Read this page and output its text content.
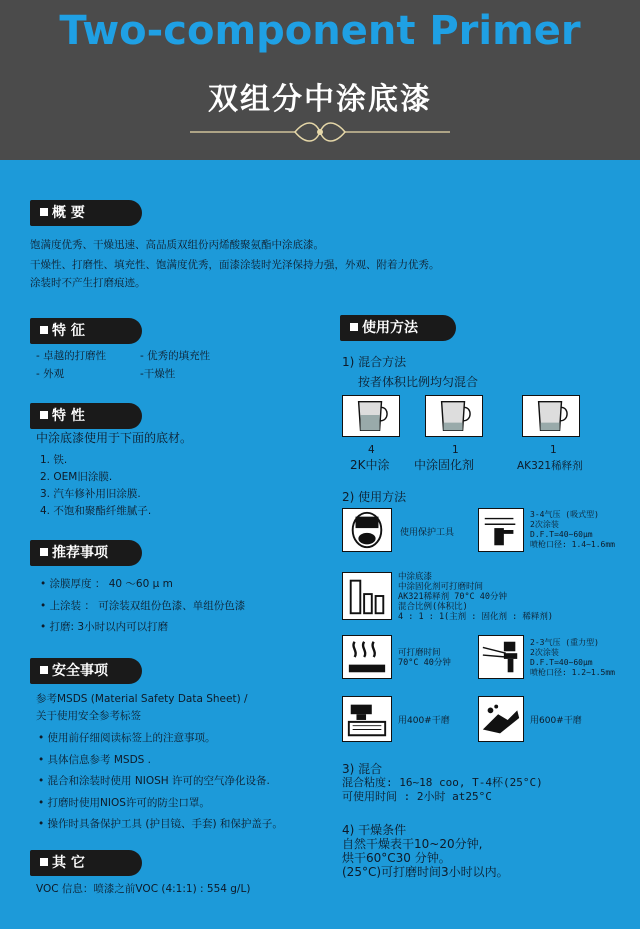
Two-component Primer
双组分中涂底漆
概 要
饱满度优秀、干燥迅速、高品质双组份丙烯酸聚氨酯中涂底漆。
干燥性、打磨性、填充性、饱满度优秀，面漆涂装时光泽保持力强，外观、附着力优秀。
涂装时不产生打磨痕迹。
特 征
- 卓越的打磨性	- 优秀的填充性
- 外观	-干燥性
特 性
中涂底漆使用于下面的底材。
1. 铁.
2. OEM旧涂膜.
3. 汽车修补用旧涂膜.
4. 不饱和聚酯纤维腻子.
推荐事项
• 涂膜厚度 ： 40 ～60 μ m
• 上涂装 ： 可涂装双组份色漆、单组份色漆
• 打磨: 3小时以内可以打磨
安全事项
参考MSDS (Material Safety Data Sheet) /
关于使用安全参考标签
• 使用前仔细阅读标签上的注意事项。
• 具体信息参考 MSDS .
• 混合和涂装时使用 NIOSH 许可的空气净化设备.
• 打磨时使用NIOS许可的防尘口罩。
• 操作时具备保护工具 (护目镜、手套) 和保护盖子。
其 它
VOC 信息：喷漆之前VOC (4:1:1) : 554 g/L)
使用方法
1) 混合方法
按者体积比例均匀混合
4	1	1
2K中涂 中涂固化剂	AK321稀释剂
2) 使用方法
使用保护工具
3-4气压 (吸式型)
2次涂装
D.F.T=40~60μm
喷枪口径: 1.4~1.6mm
中涂底漆
中涂固化剂可打磨时间
AK321稀释剂 70°C 40分钟
混合比例(体积比)
4 : 1 : 1(主剂 : 固化剂 : 稀释剂)
可打磨时间
70°C 40分钟
2-3气压 (重力型)
2次涂装
D.F.T=40~60μm
喷枪口径: 1.2~1.5mm
用400#干磨	用600#干磨
3) 混合
混合粘度: 16~18 coo, T-4杯(25°C)
可使用时间 : 2小时 at25°C
4) 干燥条件
自然干燥表干10~20分钟,
烘干60°C30 分钟。
(25°C)可打磨时间3小时以内。
